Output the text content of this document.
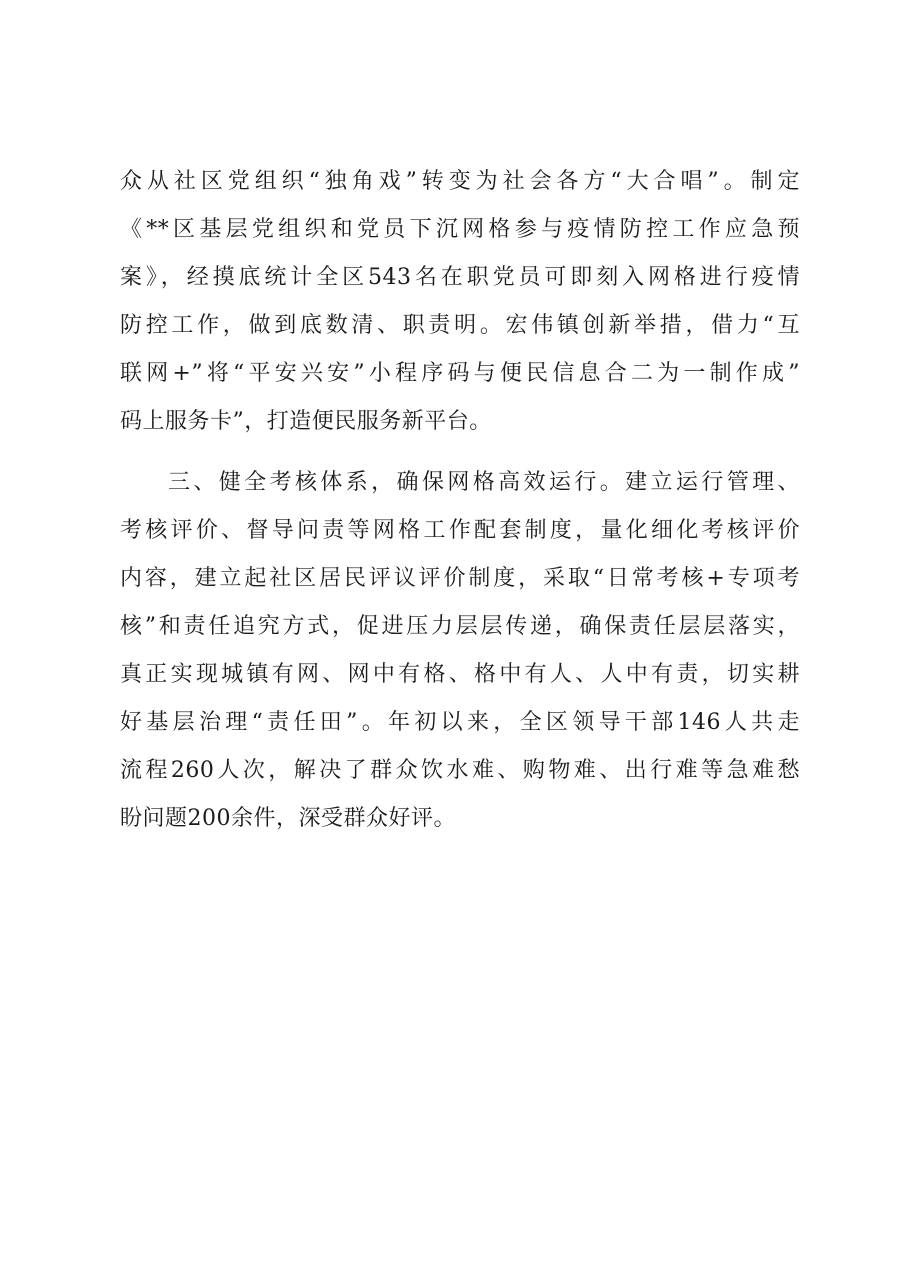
众从社区党组织“独角戏”转变为社会各方“大合唱”。制定
《**区基层党组织和党员下沉网格参与疫情防控工作应急预
案》，经摸底统计全区543名在职党员可即刻入网格进行疫情
防控工作，做到底数清、职责明。宏伟镇创新举措，借力“互
联网+”将“平安兴安”小程序码与便民信息合二为一制作成”
码上服务卡”，打造便民服务新平台。
三、健全考核体系，确保网格高效运行。建立运行管理、
考核评价、督导问责等网格工作配套制度，量化细化考核评价
内容，建立起社区居民评议评价制度，采取“日常考核+专项考
核”和责任追究方式，促进压力层层传递，确保责任层层落实，
真正实现城镇有网、网中有格、格中有人、人中有责，切实耕
好基层治理“责任田”。年初以来，全区领导干部146人共走
流程260人次，解决了群众饮水难、购物难、出行难等急难愁
盼问题200余件，深受群众好评。
